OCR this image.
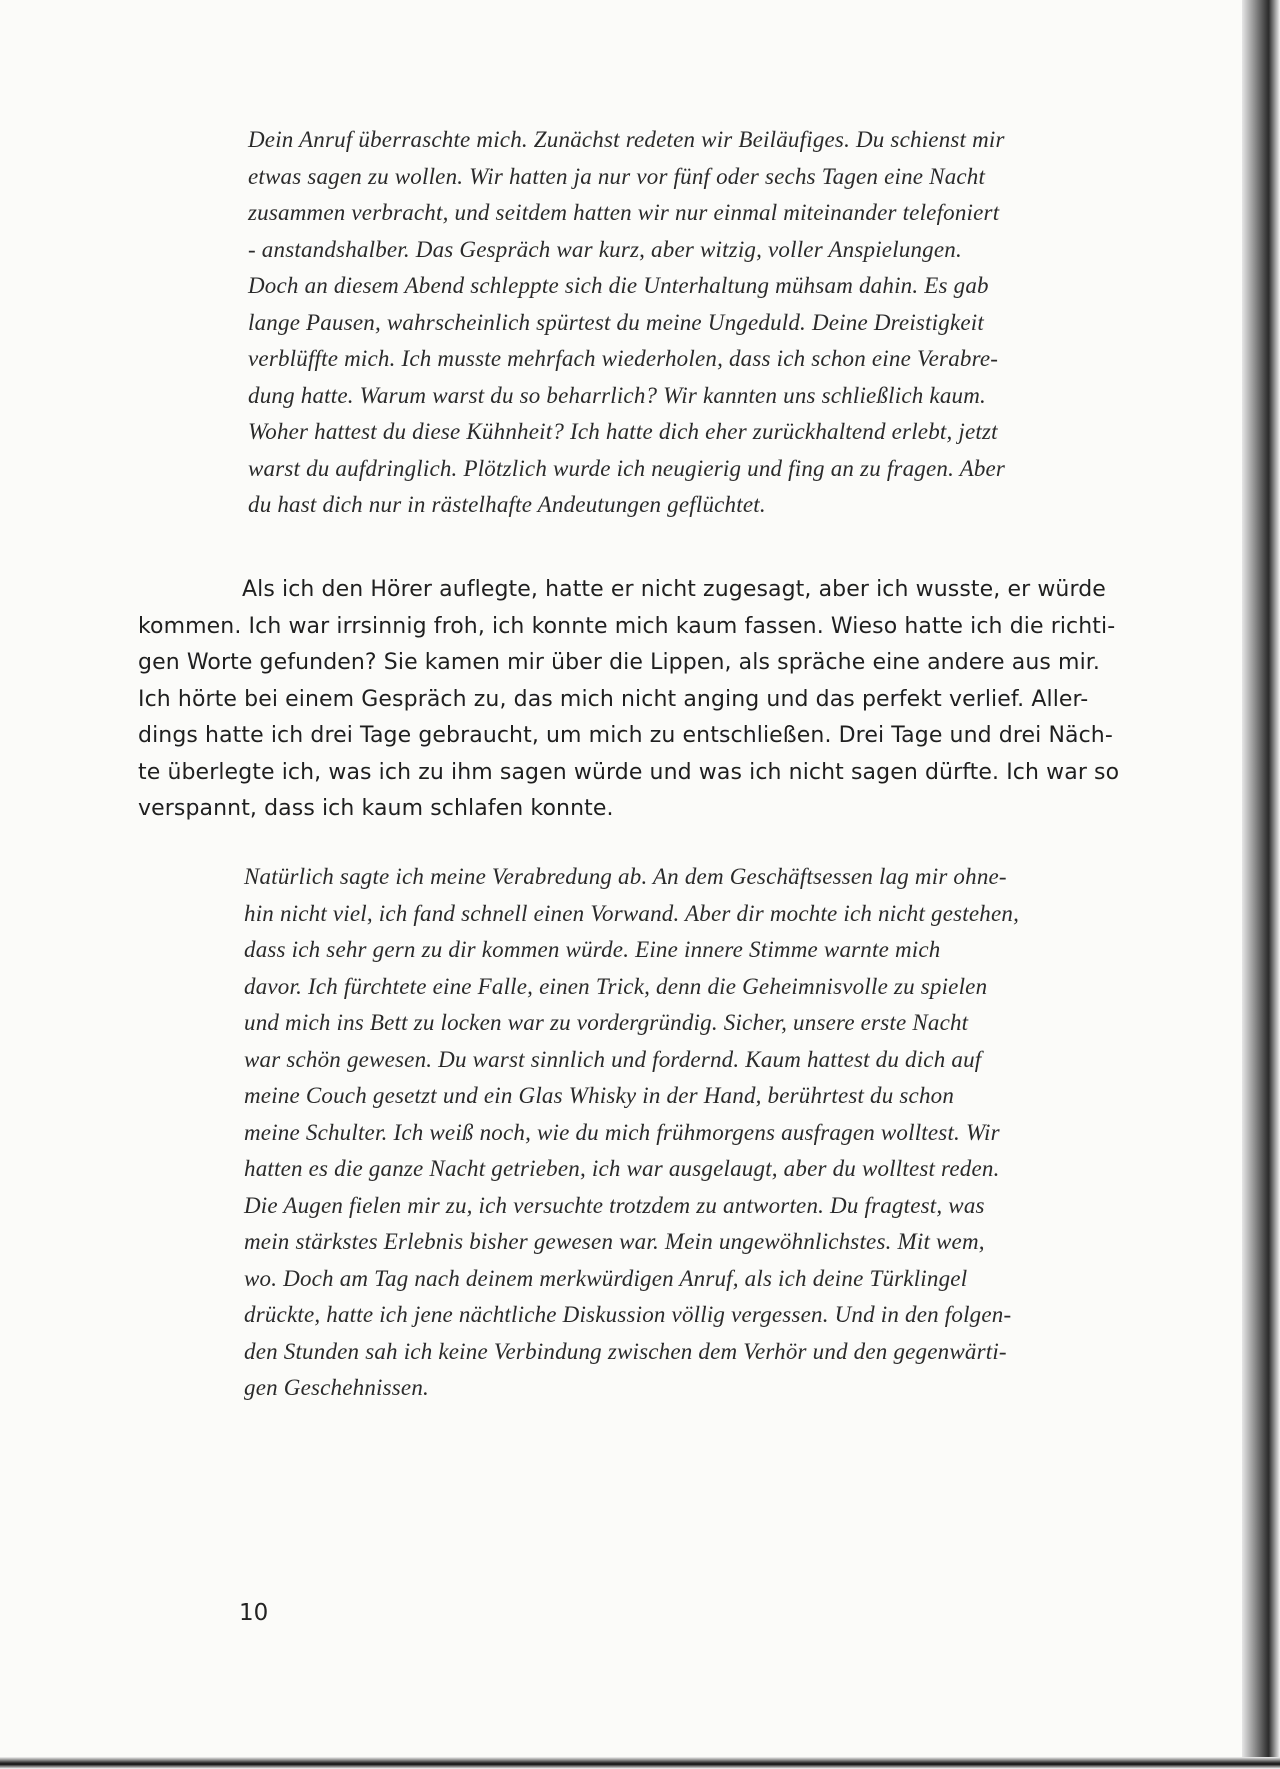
Dein Anruf überraschte mich. Zunächst redeten wir Beiläufiges. Du schienst mir
etwas sagen zu wollen. Wir hatten ja nur vor fünf oder sechs Tagen eine Nacht
zusammen verbracht, und seitdem hatten wir nur einmal miteinander telefoniert
- anstandshalber. Das Gespräch war kurz, aber witzig, voller Anspielungen.
Doch an diesem Abend schleppte sich die Unterhaltung mühsam dahin. Es gab
lange Pausen, wahrscheinlich spürtest du meine Ungeduld. Deine Dreistigkeit
verblüffte mich. Ich musste mehrfach wiederholen, dass ich schon eine Verabre-
dung hatte. Warum warst du so beharrlich? Wir kannten uns schließlich kaum.
Woher hattest du diese Kühnheit? Ich hatte dich eher zurückhaltend erlebt, jetzt
warst du aufdringlich. Plötzlich wurde ich neugierig und fing an zu fragen. Aber
du hast dich nur in rästelhafte Andeutungen geflüchtet.
Als ich den Hörer auflegte, hatte er nicht zugesagt, aber ich wusste, er würde
kommen. Ich war irrsinnig froh, ich konnte mich kaum fassen. Wieso hatte ich die richti-
gen Worte gefunden? Sie kamen mir über die Lippen, als spräche eine andere aus mir.
Ich hörte bei einem Gespräch zu, das mich nicht anging und das perfekt verlief. Aller-
dings hatte ich drei Tage gebraucht, um mich zu entschließen. Drei Tage und drei Näch-
te überlegte ich, was ich zu ihm sagen würde und was ich nicht sagen dürfte. Ich war so
verspannt, dass ich kaum schlafen konnte.
Natürlich sagte ich meine Verabredung ab. An dem Geschäftsessen lag mir ohne-
hin nicht viel, ich fand schnell einen Vorwand. Aber dir mochte ich nicht gestehen,
dass ich sehr gern zu dir kommen würde. Eine innere Stimme warnte mich
davor. Ich fürchtete eine Falle, einen Trick, denn die Geheimnisvolle zu spielen
und mich ins Bett zu locken war zu vordergründig. Sicher, unsere erste Nacht
war schön gewesen. Du warst sinnlich und fordernd. Kaum hattest du dich auf
meine Couch gesetzt und ein Glas Whisky in der Hand, berührtest du schon
meine Schulter. Ich weiß noch, wie du mich frühmorgens ausfragen wolltest. Wir
hatten es die ganze Nacht getrieben, ich war ausgelaugt, aber du wolltest reden.
Die Augen fielen mir zu, ich versuchte trotzdem zu antworten. Du fragtest, was
mein stärkstes Erlebnis bisher gewesen war. Mein ungewöhnlichstes. Mit wem,
wo. Doch am Tag nach deinem merkwürdigen Anruf, als ich deine Türklingel
drückte, hatte ich jene nächtliche Diskussion völlig vergessen. Und in den folgen-
den Stunden sah ich keine Verbindung zwischen dem Verhör und den gegenwärti-
gen Geschehnissen.
10
